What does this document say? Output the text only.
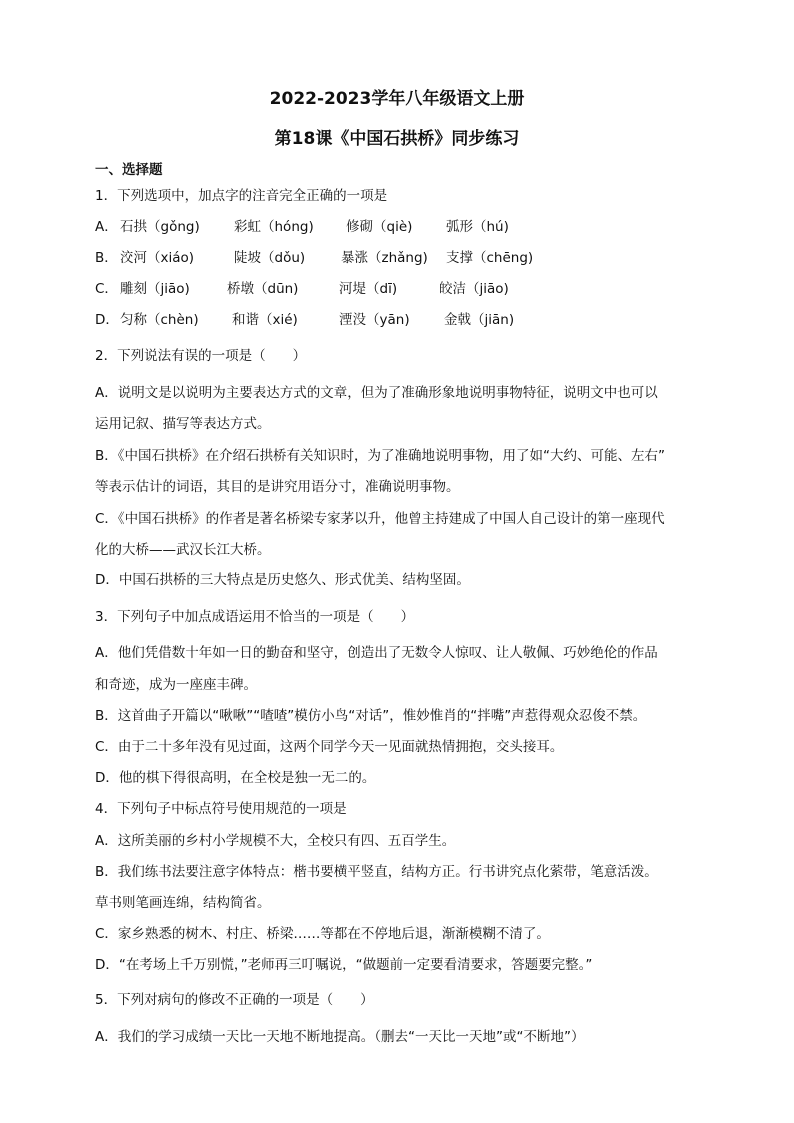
2022-2023学年八年级语文上册
第18课《中国石拱桥》同步练习
一、选择题
1．下列选项中，加点字的注音完全正确的一项是
A． 石拱（gǒng)	彩虹（hóng) 修砌（qiè) 弧形（hú)
B． 洨河（xiáo)	陡坡（dǒu)	暴涨（zhǎng) 支撑（chēng)
C． 雕刻（jiāo)	桥墩（dūn)	河堤（dī)	皎洁（jiāo)
D． 匀称（chèn) 和谐（xié)	湮没（yān)	金戟（jiān)
2．下列说法有误的一项是（　　）
A．说明文是以说明为主要表达方式的文章，但为了准确形象地说明事物特征，说明文中也可以
运用记叙、描写等表达方式。
B．《中国石拱桥》在介绍石拱桥有关知识时，为了准确地说明事物，用了如“大约、可能、左右”
等表示估计的词语，其目的是讲究用语分寸，准确说明事物。
C．《中国石拱桥》的作者是著名桥梁专家茅以升，他曾主持建成了中国人自己设计的第一座现代
化的大桥——武汉长江大桥。
D．中国石拱桥的三大特点是历史悠久、形式优美、结构坚固。
3．下列句子中加点成语运用不恰当的一项是（　　）
A．他们凭借数十年如一日的勤奋和坚守，创造出了无数令人惊叹、让人敬佩、巧妙绝伦的作品
和奇迹，成为一座座丰碑。
B．这首曲子开篇以“啾啾”“喳喳”模仿小鸟“对话”，惟妙惟肖的“拌嘴”声惹得观众忍俊不禁。
C．由于二十多年没有见过面，这两个同学今天一见面就热情拥抱，交头接耳。
D．他的棋下得很高明，在全校是独一无二的。
4．下列句子中标点符号使用规范的一项是
A．这所美丽的乡村小学规模不大，全校只有四、五百学生。
B．我们练书法要注意字体特点：楷书要横平竖直，结构方正。行书讲究点化萦带，笔意活泼。
草书则笔画连绵，结构简省。
C．家乡熟悉的树木、村庄、桥梁……等都在不停地后退，渐渐模糊不清了。
D．“在考场上千万别慌，”老师再三叮嘱说，“做题前一定要看清要求，答题要完整。”
5．下列对病句的修改不正确的一项是（　　）
A．我们的学习成绩一天比一天地不断地提高。（删去“一天比一天地”或“不断地”）
